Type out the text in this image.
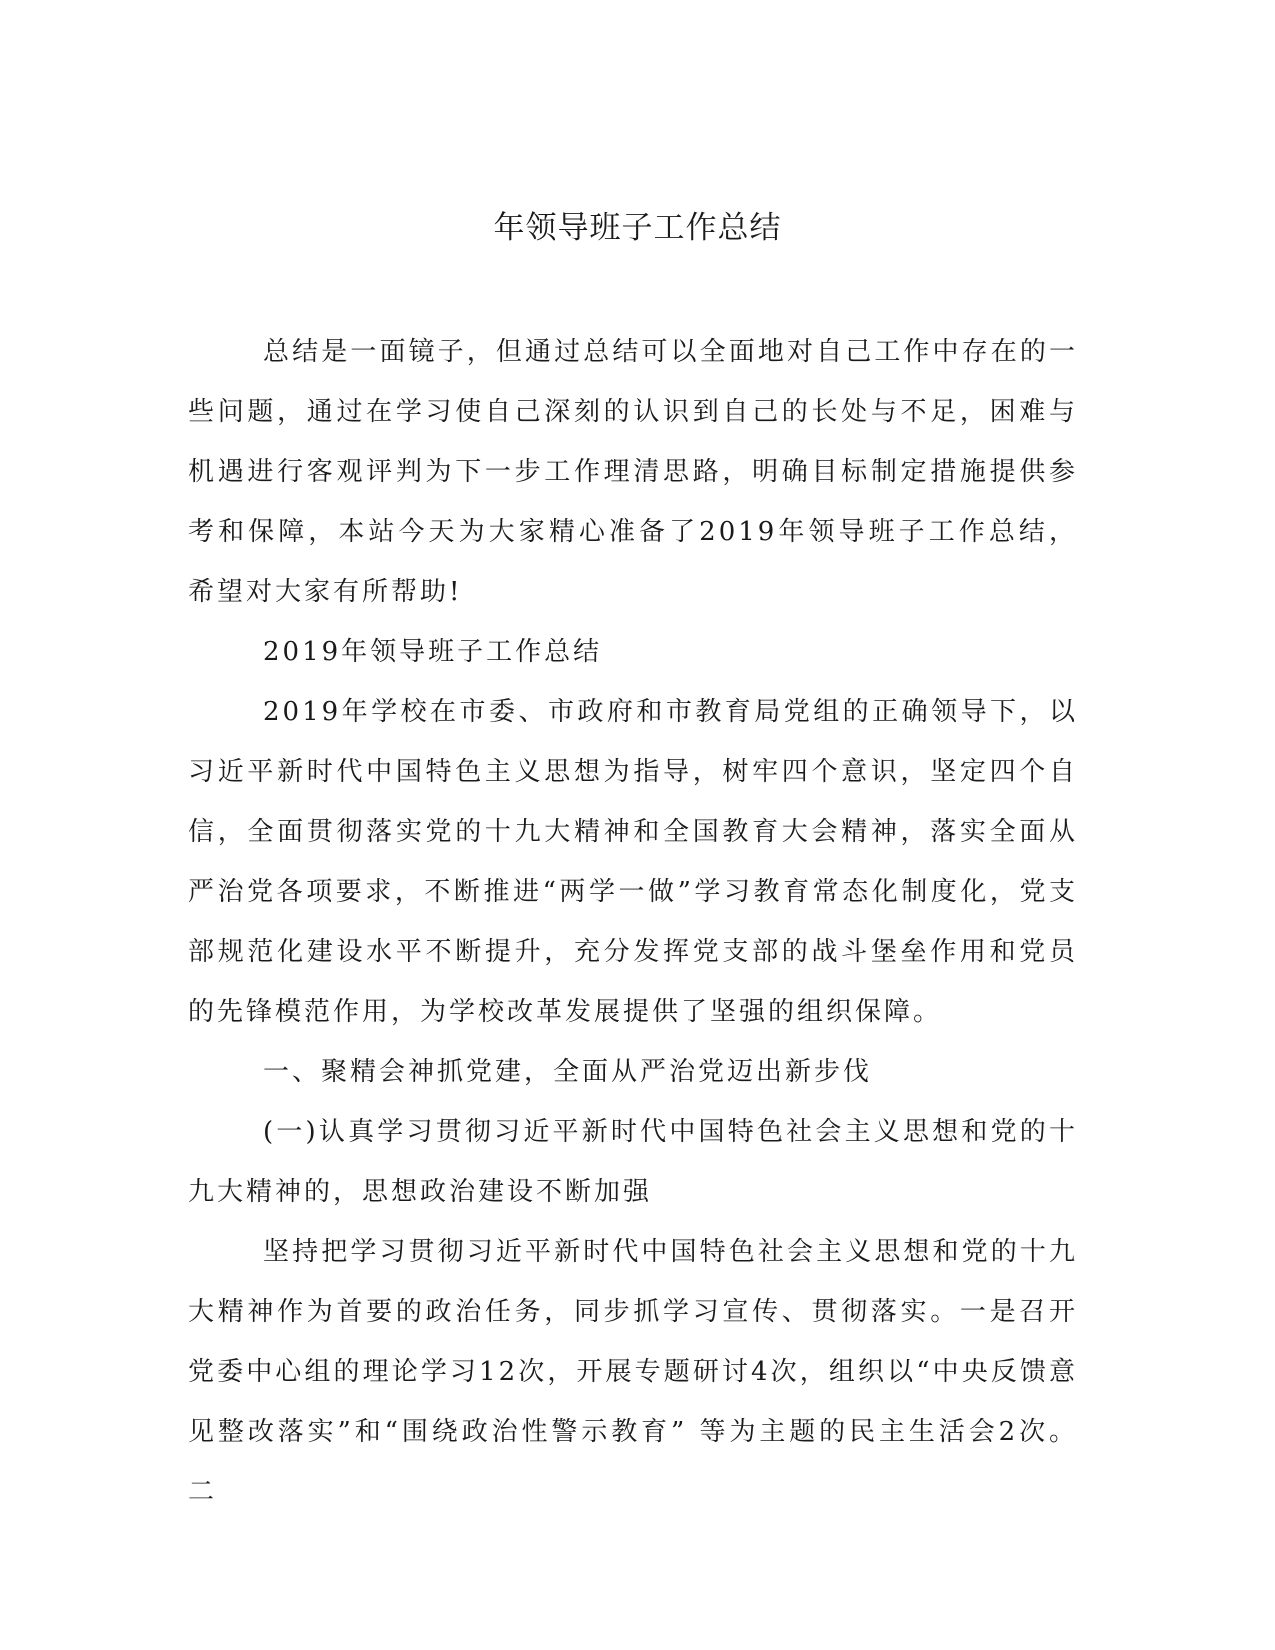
年领导班子工作总结

总结是一面镜子，但通过总结可以全面地对自己工作中存在的一些问题，通过在学习使自己深刻的认识到自己的长处与不足，困难与机遇进行客观评判为下一步工作理清思路，明确目标制定措施提供参考和保障，本站今天为大家精心准备了2019年领导班子工作总结，希望对大家有所帮助!

2019年领导班子工作总结

2019年学校在市委、市政府和市教育局党组的正确领导下，以习近平新时代中国特色主义思想为指导，树牢四个意识，坚定四个自信，全面贯彻落实党的十九大精神和全国教育大会精神，落实全面从严治党各项要求，不断推进“两学一做”学习教育常态化制度化，党支部规范化建设水平不断提升，充分发挥党支部的战斗堡垒作用和党员的先锋模范作用，为学校改革发展提供了坚强的组织保障。

一、聚精会神抓党建，全面从严治党迈出新步伐

(一)认真学习贯彻习近平新时代中国特色社会主义思想和党的十九大精神的，思想政治建设不断加强

坚持把学习贯彻习近平新时代中国特色社会主义思想和党的十九大精神作为首要的政治任务，同步抓学习宣传、贯彻落实。一是召开党委中心组的理论学习12次，开展专题研讨4次，组织以“中央反馈意见整改落实”和“围绕政治性警示教育” 等为主题的民主生活会2次。二
